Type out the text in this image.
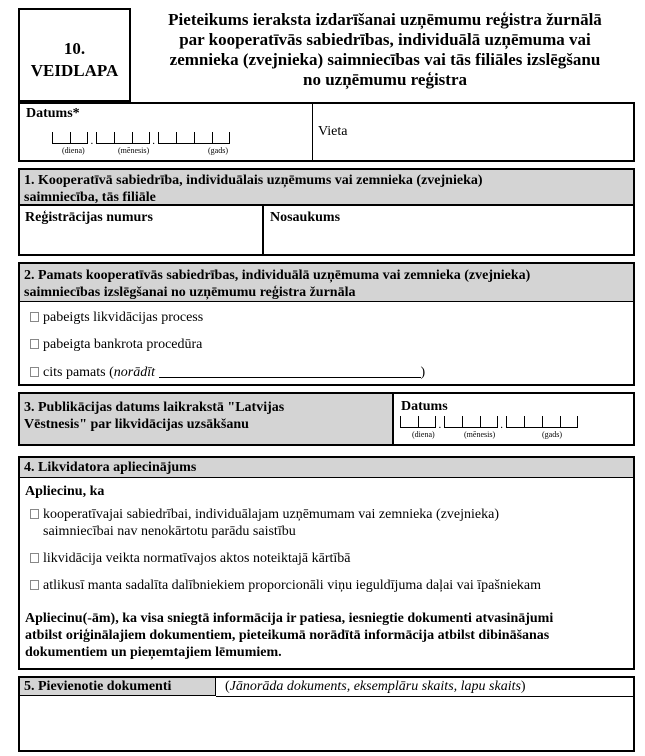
10.
VEIDLAPA
Pieteikums ieraksta izdarīšanai uzņēmumu reģistra žurnālā
par kooperatīvās sabiedrības, individuālā uzņēmuma vai
zemnieka (zvejnieka) saimniecības vai tās filiāles izslēgšanu
no uzņēmumu reģistra
Datums*
.	.
(diena)	(mēnesis)	(gads)
Vieta
1. Kooperatīvā sabiedrība, individuālais uzņēmums vai zemnieka (zvejnieka)
saimniecība, tās filiāle
Reģistrācijas numurs	Nosaukums
2. Pamats kooperatīvās sabiedrības, individuālā uzņēmuma vai zemnieka (zvejnieka)
saimniecības izslēgšanai no uzņēmumu reģistra žurnāla
pabeigts likvidācijas process
pabeigta bankrota procedūra
cits pamats (norādīt	)
3. Publikācijas datums laikrakstā "Latvijas
Vēstnesis" par likvidācijas uzsākšanu
Datums
.	.
(diena)	(mēnesis)	(gads)
4. Likvidatora apliecinājums
Apliecinu, ka
kooperatīvajai sabiedrībai, individuālajam uzņēmumam vai zemnieka (zvejnieka)
saimniecībai nav nenokārtotu parādu saistību
likvidācija veikta normatīvajos aktos noteiktajā kārtībā
atlikusī manta sadalīta dalībniekiem proporcionāli viņu ieguldījuma daļai vai īpašniekam
Apliecinu(-ām), ka visa sniegtā informācija ir patiesa, iesniegtie dokumenti atvasinājumi
atbilst oriģinālajiem dokumentiem, pieteikumā norādītā informācija atbilst dibināšanas
dokumentiem un pieņemtajiem lēmumiem.
5. Pievienotie dokumenti	(Jānorāda dokuments, eksemplāru skaits, lapu skaits)
